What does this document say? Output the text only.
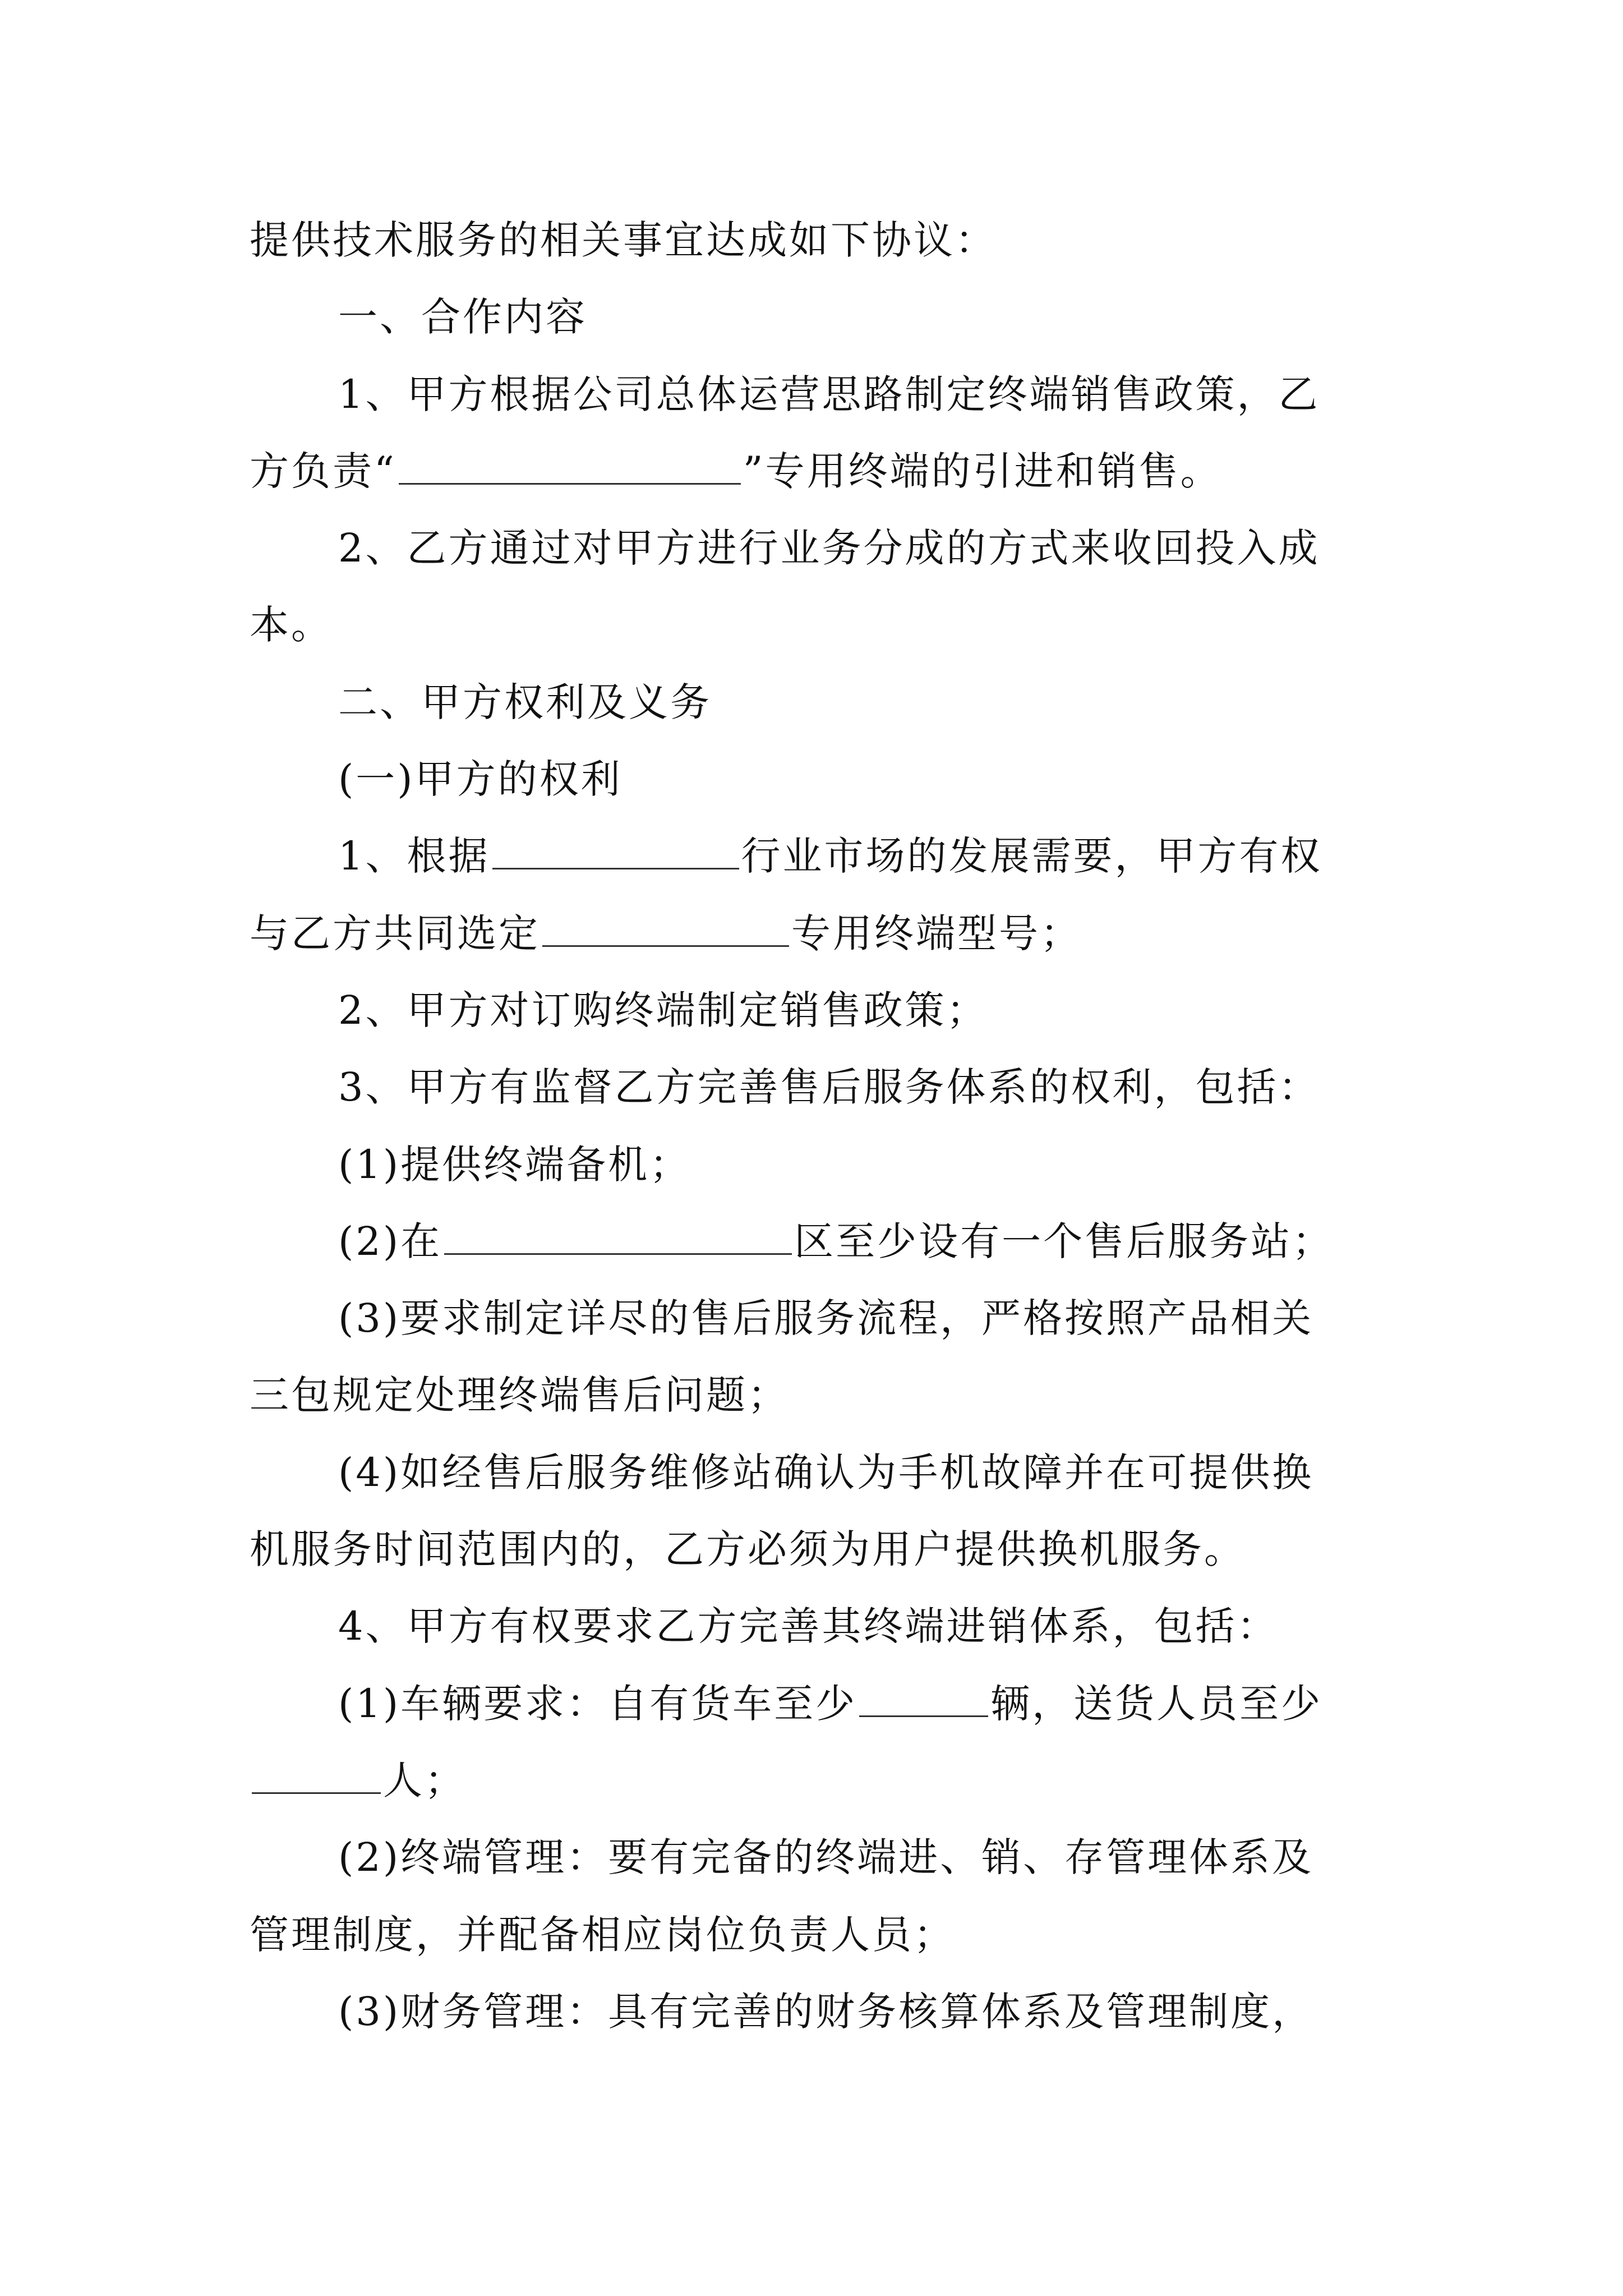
提供技术服务的相关事宜达成如下协议：
一、合作内容
1、甲方根据公司总体运营思路制定终端销售政策，乙
方负责“	”专用终端的引进和销售。
2、乙方通过对甲方进行业务分成的方式来收回投入成
本。
二、甲方权利及义务
(一)甲方的权利
1、根据	行业市场的发展需要，甲方有权
与乙方共同选定	专用终端型号；
2、甲方对订购终端制定销售政策；
3、甲方有监督乙方完善售后服务体系的权利，包括：
(1)提供终端备机；
(2)在	区至少设有一个售后服务站；
(3)要求制定详尽的售后服务流程，严格按照产品相关
三包规定处理终端售后问题；
(4)如经售后服务维修站确认为手机故障并在可提供换
机服务时间范围内的，乙方必须为用户提供换机服务。
4、甲方有权要求乙方完善其终端进销体系，包括：
(1)车辆要求：自有货车至少	辆，送货人员至少
人；
(2)终端管理：要有完备的终端进、销、存管理体系及
管理制度，并配备相应岗位负责人员；
(3)财务管理：具有完善的财务核算体系及管理制度，
